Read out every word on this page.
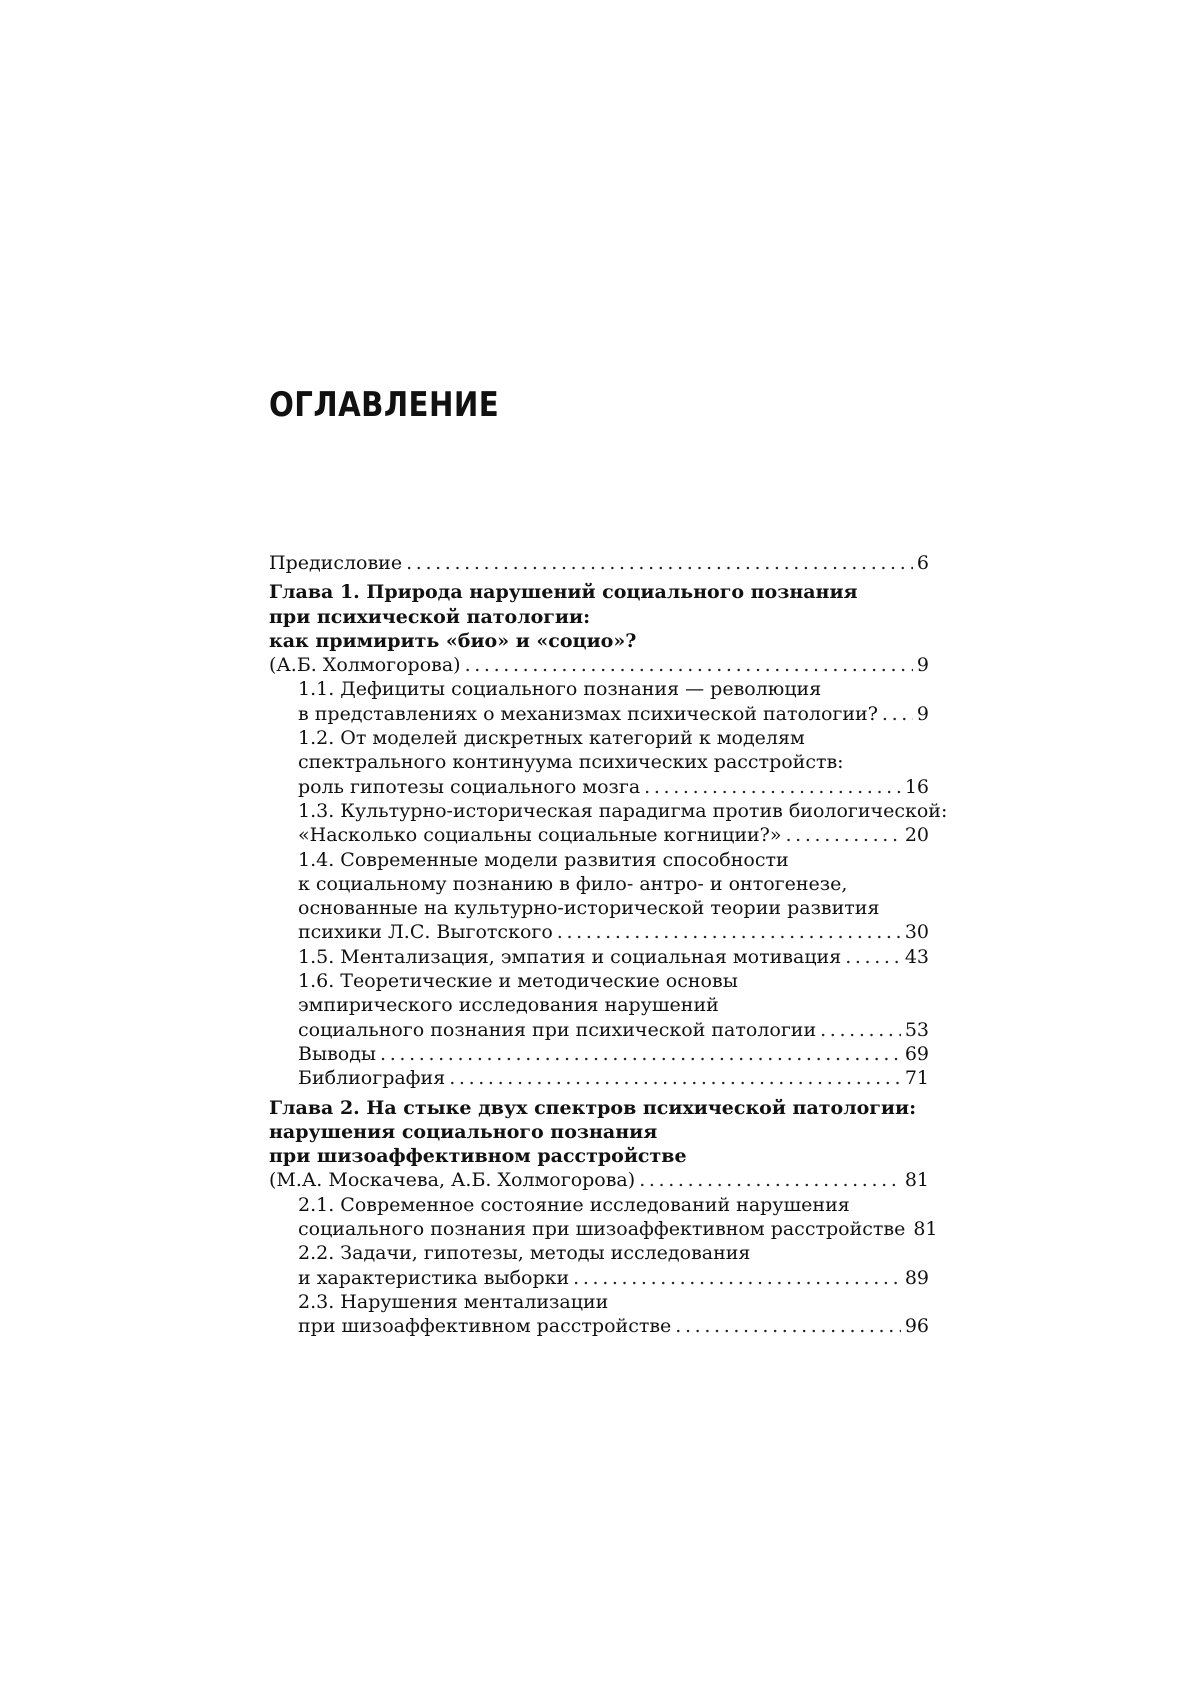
ОГЛАВЛЕНИЕ
Предисловие . . .	6
Глава 1. Природа нарушений социального познания
при психической патологии:
как примирить «био» и «социо»?
(А.Б. Холмогорова) . . .	9
1.1. Дефициты социального познания — революция
в представлениях о механизмах психической патологии? . . . 9
1.2. От моделей дискретных категорий к моделям
спектрального континуума психических расстройств:
роль гипотезы социального мозга . . .	16
1.3. Культурно-историческая парадигма против биологической:
«Насколько социальны социальные когниции?» . . .	20
1.4. Современные модели развития способности
к социальному познанию в фило- антро- и онтогенезе,
основанные на культурно-исторической теории развития
психики Л.С. Выготского . . .	30
1.5. Ментализация, эмпатия и социальная мотивация . . .	43
1.6. Теоретические и методические основы
эмпирического исследования нарушений
социального познания при психической патологии . . .	53
Выводы . . .	69
Библиография . . .	71
Глава 2. На стыке двух спектров психической патологии:
нарушения социального познания
при шизоаффективном расстройстве
(М.А. Москачева, А.Б. Холмогорова) . . .	81
2.1. Современное состояние исследований нарушения
социального познания при шизоаффективном расстройстве 81
2.2. Задачи, гипотезы, методы исследования
и характеристика выборки . . .	89
2.3. Нарушения ментализации
при шизоаффективном расстройстве . . .	96
